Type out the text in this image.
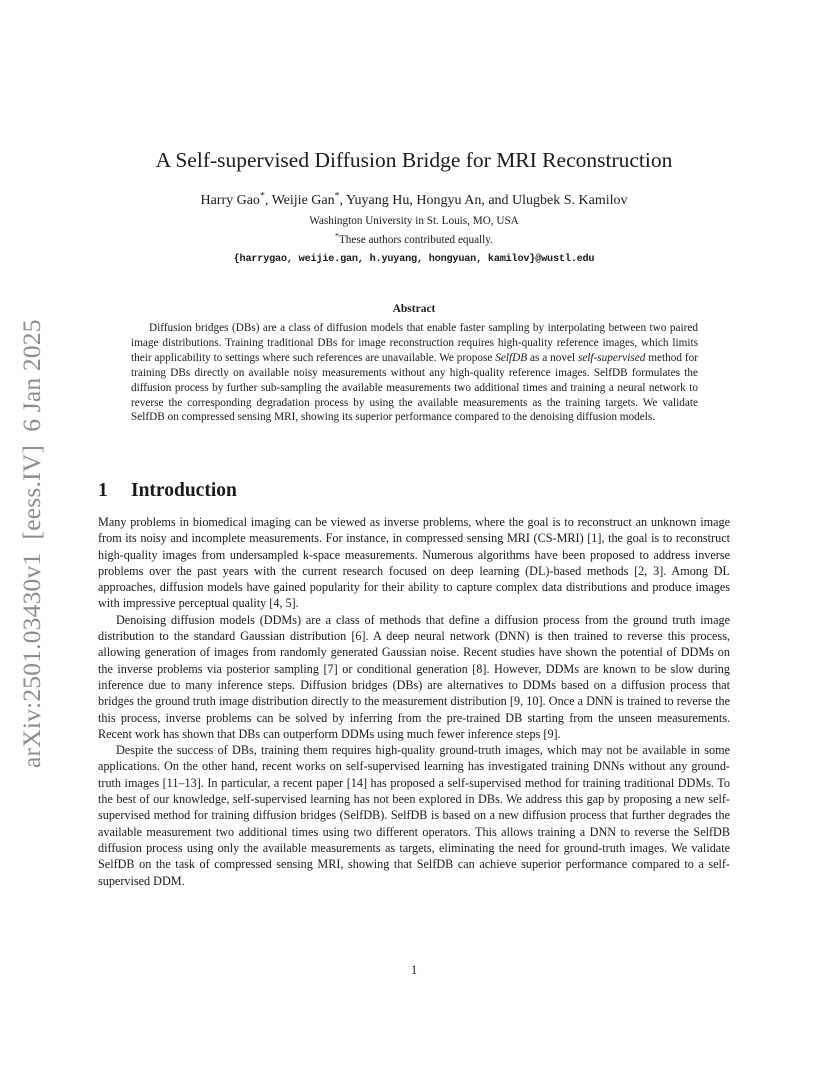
arXiv:2501.03430v1  [eess.IV]  6 Jan 2025
A Self-supervised Diffusion Bridge for MRI Reconstruction
Harry Gao*, Weijie Gan*, Yuyang Hu, Hongyu An, and Ulugbek S. Kamilov
Washington University in St. Louis, MO, USA
*These authors contributed equally.
{harrygao, weijie.gan, h.yuyang, hongyuan, kamilov}@wustl.edu
Abstract

Diffusion bridges (DBs) are a class of diffusion models that enable faster sampling by interpolating between two paired image distributions. Training traditional DBs for image reconstruction requires high-quality reference images, which limits their applicability to settings where such references are unavailable. We propose SelfDB as a novel self-supervised method for training DBs directly on available noisy measurements without any high-quality reference images. SelfDB formulates the diffusion process by further sub-sampling the available measurements two additional times and training a neural network to reverse the corresponding degradation process by using the available measurements as the training targets. We validate SelfDB on compressed sensing MRI, showing its superior performance compared to the denoising diffusion models.

1 Introduction

Many problems in biomedical imaging can be viewed as inverse problems, where the goal is to reconstruct an unknown image from its noisy and incomplete measurements. For instance, in compressed sensing MRI (CS-MRI) [1], the goal is to reconstruct high-quality images from undersampled k-space measurements. Numerous algorithms have been proposed to address inverse problems over the past years with the current research focused on deep learning (DL)-based methods [2, 3]. Among DL approaches, diffusion models have gained popularity for their ability to capture complex data distributions and produce images with impressive perceptual quality [4, 5].

Denoising diffusion models (DDMs) are a class of methods that define a diffusion process from the ground truth image distribution to the standard Gaussian distribution [6]. A deep neural network (DNN) is then trained to reverse this process, allowing generation of images from randomly generated Gaussian noise. Recent studies have shown the potential of DDMs on the inverse problems via posterior sampling [7] or conditional generation [8]. However, DDMs are known to be slow during inference due to many inference steps. Diffusion bridges (DBs) are alternatives to DDMs based on a diffusion process that bridges the ground truth image distribution directly to the measurement distribution [9, 10]. Once a DNN is trained to reverse the this process, inverse problems can be solved by inferring from the pre-trained DB starting from the unseen measurements. Recent work has shown that DBs can outperform DDMs using much fewer inference steps [9].

Despite the success of DBs, training them requires high-quality ground-truth images, which may not be available in some applications. On the other hand, recent works on self-supervised learning has investigated training DNNs without any ground-truth images [11–13]. In particular, a recent paper [14] has proposed a self-supervised method for training traditional DDMs. To the best of our knowledge, self-supervised learning has not been explored in DBs. We address this gap by proposing a new self-supervised method for training diffusion bridges (SelfDB). SelfDB is based on a new diffusion process that further degrades the available measurement two additional times using two different operators. This allows training a DNN to reverse the SelfDB diffusion process using only the available measurements as targets, eliminating the need for ground-truth images. We validate SelfDB on the task of compressed sensing MRI, showing that SelfDB can achieve superior performance compared to a self-supervised DDM.

1
